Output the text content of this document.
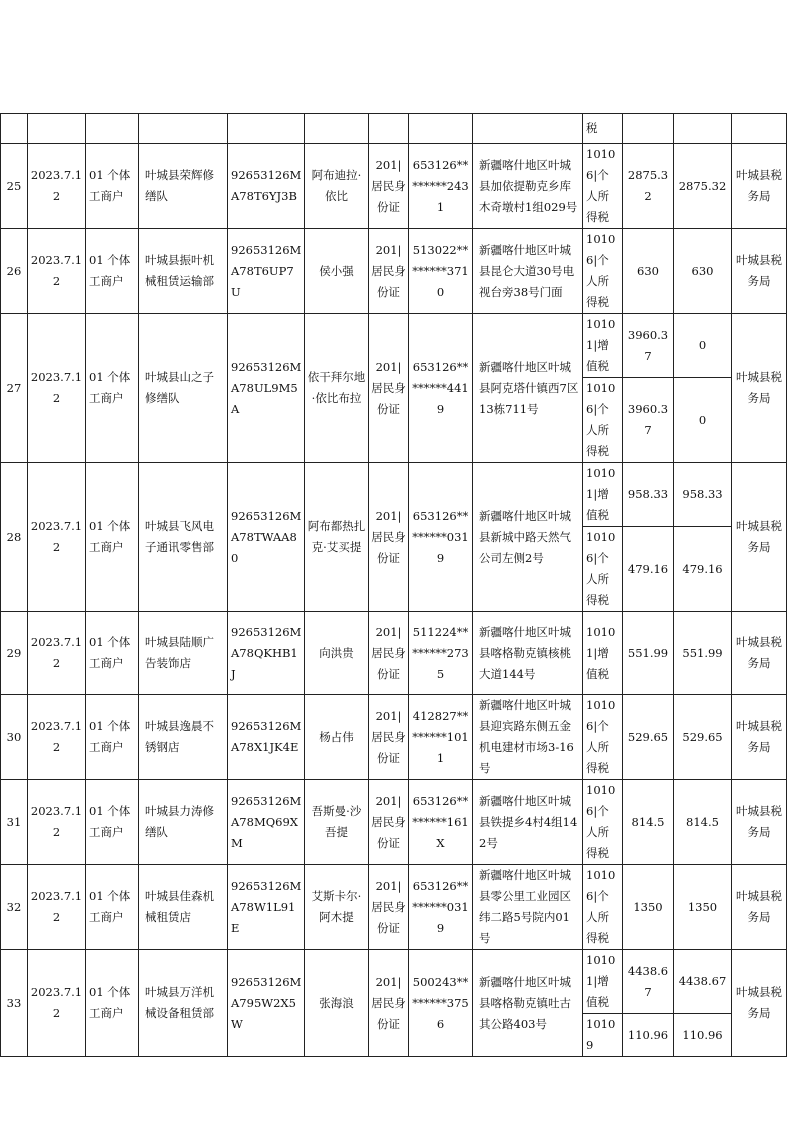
									税			
25	2023.7.12	01 个体工商户	叶城县荣辉修缮队	92653126MA78T6YJ3B	阿布迪拉·依比	201|居民身份证	653126********2431	新疆喀什地区叶城县加依提勒克乡库木奇墩村1组029号	10106|个人所得税	2875.32	2875.32	叶城县税务局
26	2023.7.12	01 个体工商户	叶城县振叶机械租赁运输部	92653126MA78T6UP7U	侯小强	201|居民身份证	513022********3710	新疆喀什地区叶城县昆仑大道30号电视台旁38号门面	10106|个人所得税	630	630	叶城县税务局
27	2023.7.12	01 个体工商户	叶城县山之子修缮队	92653126MA78UL9M5A	依干拜尔地·依比布拉	201|居民身份证	653126********4419	新疆喀什地区叶城县阿克塔什镇西7区13栋711号	10101|增值税	3960.37	0	叶城县税务局
									10106|个人所得税	3960.37	0	
28	2023.7.12	01 个体工商户	叶城县飞风电子通讯零售部	92653126MA78TWAA80	阿布都热扎克·艾买提	201|居民身份证	653126********0319	新疆喀什地区叶城县新城中路天然气公司左侧2号	10101|增值税	958.33	958.33	叶城县税务局
									10106|个人所得税	479.16	479.16	
29	2023.7.12	01 个体工商户	叶城县陆顺广告装饰店	92653126MA78QKHB1J	向洪贵	201|居民身份证	511224********2735	新疆喀什地区叶城县喀格勒克镇核桃大道144号	10101|增值税	551.99	551.99	叶城县税务局
30	2023.7.12	01 个体工商户	叶城县逸晨不锈钢店	92653126MA78X1JK4E	杨占伟	201|居民身份证	412827********1011	新疆喀什地区叶城县迎宾路东侧五金机电建材市场3-16号	10106|个人所得税	529.65	529.65	叶城县税务局
31	2023.7.12	01 个体工商户	叶城县力涛修缮队	92653126MA78MQ69XM	吾斯曼·沙吾提	201|居民身份证	653126********161X	新疆喀什地区叶城县铁提乡4村4组142号	10106|个人所得税	814.5	814.5	叶城县税务局
32	2023.7.12	01 个体工商户	叶城县佳森机械租赁店	92653126MA78W1L91E	艾斯卡尔·阿木提	201|居民身份证	653126********0319	新疆喀什地区叶城县零公里工业园区纬二路5号院内01号	10106|个人所得税	1350	1350	叶城县税务局
33	2023.7.12	01 个体工商户	叶城县万洋机械设备租赁部	92653126MA795W2X5W	张海浪	201|居民身份证	500243********3756	新疆喀什地区叶城县喀格勒克镇吐古其公路403号	10101|增值税	4438.67	4438.67	叶城县税务局
									10109	110.96	110.96	
